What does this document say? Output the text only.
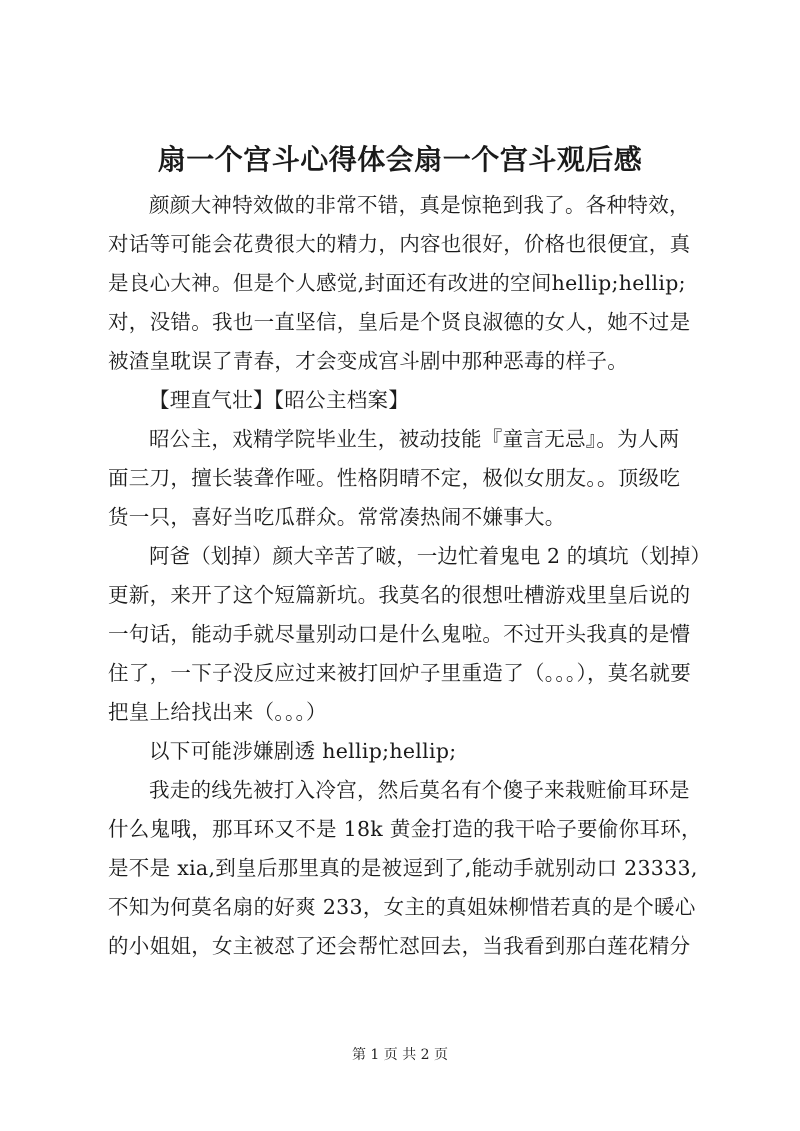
扇一个宫斗心得体会扇一个宫斗观后感
颜颜大神特效做的非常不错，真是惊艳到我了。各种特效，
对话等可能会花费很大的精力，内容也很好，价格也很便宜，真
是良心大神。但是个人感觉,封面还有改进的空间hellip;hellip;
对，没错。我也一直坚信，皇后是个贤良淑德的女人，她不过是
被渣皇耽误了青春，才会变成宫斗剧中那种恶毒的样子。
【理直气壮】【昭公主档案】
昭公主，戏精学院毕业生，被动技能『童言无忌』。为人两
面三刀，擅长装聋作哑。性格阴晴不定，极似女朋友。。顶级吃
货一只，喜好当吃瓜群众。常常凑热闹不嫌事大。
阿爸（划掉）颜大辛苦了啵，一边忙着鬼电 2 的填坑（划掉）
更新，来开了这个短篇新坑。我莫名的很想吐槽游戏里皇后说的
一句话，能动手就尽量别动口是什么鬼啦。不过开头我真的是懵
住了，一下子没反应过来被打回炉子里重造了（。。。），莫名就要
把皇上给找出来（。。。）
以下可能涉嫌剧透 hellip;hellip;
我走的线先被打入冷宫，然后莫名有个傻子来栽赃偷耳环是
什么鬼哦，那耳环又不是 18k 黄金打造的我干哈子要偷你耳环，
是不是 xia,到皇后那里真的是被逗到了,能动手就别动口 23333,
不知为何莫名扇的好爽 233，女主的真姐妹柳惜若真的是个暖心
的小姐姐，女主被怼了还会帮忙怼回去，当我看到那白莲花精分
第 1 页 共 2 页
